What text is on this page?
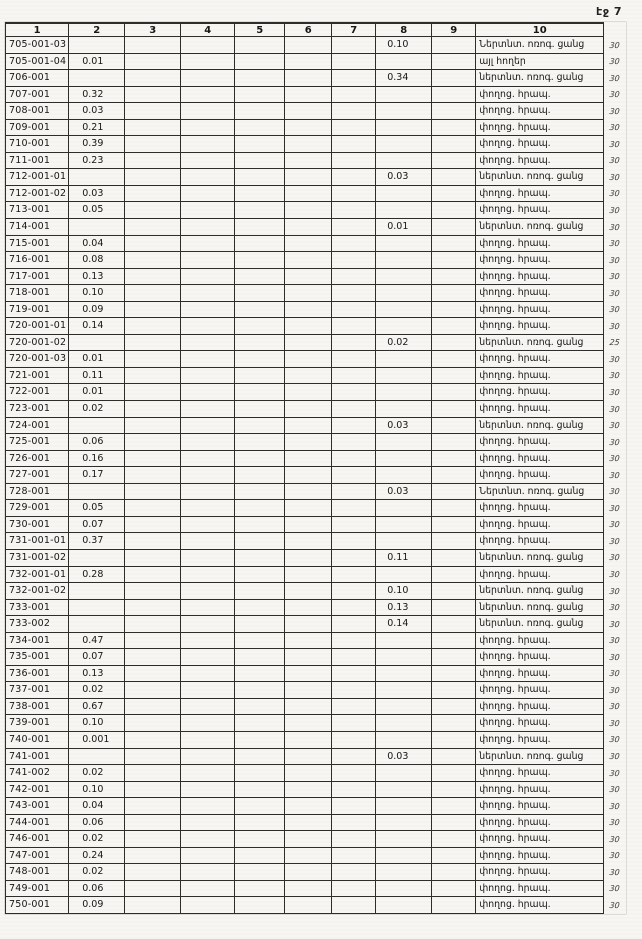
էջ 7
1	2	3	4	5	6	7	8	9	10	
705-001-03							0.10		Ներտնտ. ոռոգ. ցանց	30
705-001-04	0.01								այլ հողեր	30
706-001							0.34		ներտնտ. ոռոգ. ցանց	30
707-001	0.32								փողոց. հրապ.	30
708-001	0.03								փողոց. հրապ.	30
709-001	0.21								փողոց. հրապ.	30
710-001	0.39								փողոց. հրապ.	30
711-001	0.23								փողոց. հրապ.	30
712-001-01							0.03		ներտնտ. ոռոգ. ցանց	30
712-001-02	0.03								փողոց. հրապ.	30
713-001	0.05								փողոց. հրապ.	30
714-001							0.01		ներտնտ. ոռոգ. ցանց	30
715-001	0.04								փողոց. հրապ.	30
716-001	0.08								փողոց. հրապ.	30
717-001	0.13								փողոց. հրապ.	30
718-001	0.10								փողոց. հրապ.	30
719-001	0.09								փողոց. հրապ.	30
720-001-01	0.14								փողոց. հրապ.	30
720-001-02							0.02		ներտնտ. ոռոգ. ցանց	25
720-001-03	0.01								փողոց. հրապ.	30
721-001	0.11								փողոց. հրապ.	30
722-001	0.01								փողոց. հրապ.	30
723-001	0.02								փողոց. հրապ.	30
724-001							0.03		ներտնտ. ոռոգ. ցանց	30
725-001	0.06								փողոց. հրապ.	30
726-001	0.16								փողոց. հրապ.	30
727-001	0.17								փողոց. հրապ.	30
728-001							0.03		Ներտնտ. ոռոգ. ցանց	30
729-001	0.05								փողոց. հրապ.	30
730-001	0.07								փողոց. հրապ.	30
731-001-01	0.37								փողոց. հրապ.	30
731-001-02							0.11		ներտնտ. ոռոգ. ցանց	30
732-001-01	0.28								փողոց. հրապ.	30
732-001-02							0.10		ներտնտ. ոռոգ. ցանց	30
733-001							0.13		ներտնտ. ոռոգ. ցանց	30
733-002							0.14		ներտնտ. ոռոգ. ցանց	30
734-001	0.47								փողոց. հրապ.	30
735-001	0.07								փողոց. հրապ.	30
736-001	0.13								փողոց. հրապ.	30
737-001	0.02								փողոց. հրապ.	30
738-001	0.67								փողոց. հրապ.	30
739-001	0.10								փողոց. հրապ.	30
740-001	0.001								փողոց. հրապ.	30
741-001							0.03		ներտնտ. ոռոգ. ցանց	30
741-002	0.02								փողոց. հրապ.	30
742-001	0.10								փողոց. հրապ.	30
743-001	0.04								փողոց. հրապ.	30
744-001	0.06								փողոց. հրապ.	30
746-001	0.02								փողոց. հրապ.	30
747-001	0.24								փողոց. հրապ.	30
748-001	0.02								փողոց. հրապ.	30
749-001	0.06								փողոց. հրապ.	30
750-001	0.09								փողոց. հրապ.	30
